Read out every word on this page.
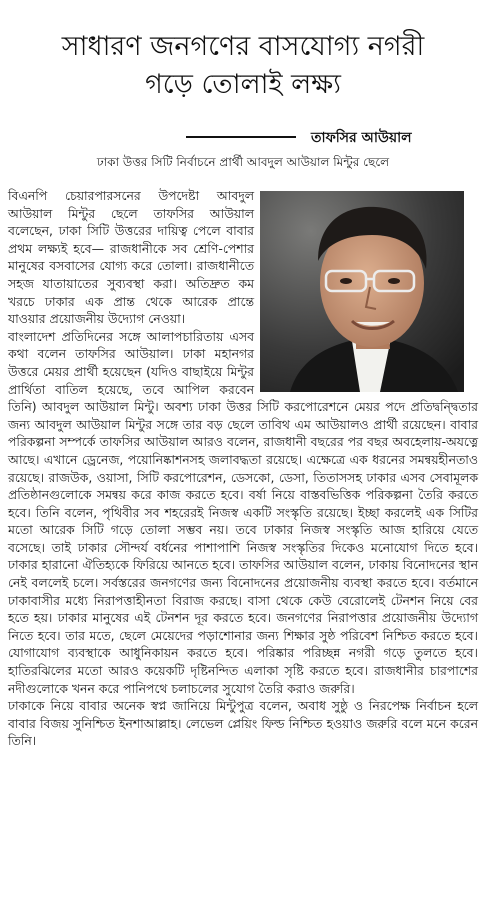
সাধারণ জনগণের বাসযোগ্য নগরী
গড়ে তোলাই লক্ষ্য
তাফসির আউয়াল
ঢাকা উত্তর সিটি নির্বাচনে প্রার্থী আবদুল আউয়াল মিন্টুর ছেলে

বিএনপি চেয়ারপারসনের উপদেষ্টা আবদুল আউয়াল মিন্টুর ছেলে তাফসির আউয়াল বলেছেন, ঢাকা সিটি উত্তরের দায়িত্ব পেলে বাবার প্রথম লক্ষ্যই হবে— রাজধানীকে সব শ্রেণি-পেশার মানুষের বসবাসের যোগ্য করে তোলা। রাজধানীতে সহজ যাতায়াতের সুব্যবস্থা করা। অতিদ্রুত কম খরচে ঢাকার এক প্রান্ত থেকে আরেক প্রান্তে যাওয়ার প্রয়োজনীয় উদ্যোগ নেওয়া।

বাংলাদেশ প্রতিদিনের সঙ্গে আলাপচারিতায় এসব কথা বলেন তাফসির আউয়াল। ঢাকা মহানগর উত্তরে মেয়র প্রার্থী হয়েছেন (যদিও বাছাইয়ে মিন্টুর প্রার্থিতা বাতিল হয়েছে, তবে আপিল করবেন তিনি) আবদুল আউয়াল মিন্টু। অবশ্য ঢাকা উত্তর সিটি করপোরেশনে মেয়র পদে প্রতিদ্বন্দ্বিতার জন্য আবদুল আউয়াল মিন্টুর সঙ্গে তার বড় ছেলে তাবিথ এম আউয়ালও প্রার্থী রয়েছেন। বাবার পরিকল্পনা সম্পর্কে তাফসির আউয়াল আরও বলেন, রাজধানী বছরের পর বছর অবহেলায়-অযত্নে আছে। এখানে ড্রেনেজ, পয়োনিষ্কাশনসহ জলাবদ্ধতা রয়েছে। এক্ষেত্রে এক ধরনের সমন্বয়হীনতাও রয়েছে। রাজউক, ওয়াসা, সিটি করপোরেশন, ডেসকো, ডেসা, তিতাসসহ ঢাকার এসব সেবামূলক প্রতিষ্ঠানগুলোকে সমন্বয় করে কাজ করতে হবে। বর্ষা নিয়ে বাস্তবভিত্তিক পরিকল্পনা তৈরি করতে হবে। তিনি বলেন, পৃথিবীর সব শহরেরই নিজস্ব একটি সংস্কৃতি রয়েছে। ইচ্ছা করলেই এক সিটির মতো আরেক সিটি গড়ে তোলা সম্ভব নয়। তবে ঢাকার নিজস্ব সংস্কৃতি আজ হারিয়ে যেতে বসেছে। তাই ঢাকার সৌন্দর্য বর্ধনের পাশাপাশি নিজস্ব সংস্কৃতির দিকেও মনোযোগ দিতে হবে। ঢাকার হারানো ঐতিহ্যকে ফিরিয়ে আনতে হবে। তাফসির আউয়াল বলেন, ঢাকায় বিনোদনের স্থান নেই বললেই চলে। সর্বস্তরের জনগণের জন্য বিনোদনের প্রয়োজনীয় ব্যবস্থা করতে হবে। বর্তমানে ঢাকাবাসীর মধ্যে নিরাপত্তাহীনতা বিরাজ করছে। বাসা থেকে কেউ বেরোলেই টেনশন নিয়ে বের হতে হয়। ঢাকার মানুষের এই টেনশন দূর করতে হবে। জনগণের নিরাপত্তার প্রয়োজনীয় উদ্যোগ নিতে হবে। তার মতে, ছেলে মেয়েদের পড়াশোনার জন্য শিক্ষার সুষ্ঠ পরিবেশ নিশ্চিত করতে হবে। যোগাযোগ ব্যবস্থাকে আধুনিকায়ন করতে হবে। পরিষ্কার পরিচ্ছন্ন নগরী গড়ে তুলতে হবে। হাতিরঝিলের মতো আরও কয়েকটি দৃষ্টিনন্দিত এলাকা সৃষ্টি করতে হবে। রাজধানীর চারপাশের নদীগুলোকে খনন করে পানিপথে চলাচলের সুযোগ তৈরি করাও জরুরি।

ঢাকাকে নিয়ে বাবার অনেক স্বপ্ন জানিয়ে মিন্টুপুত্র বলেন, অবাধ সুষ্ঠু ও নিরপেক্ষ নির্বাচন হলে বাবার বিজয় সুনিশ্চিত ইনশাআল্লাহ। লেভেল প্লেয়িং ফিল্ড নিশ্চিত হওয়াও জরুরি বলে মনে করেন তিনি।
